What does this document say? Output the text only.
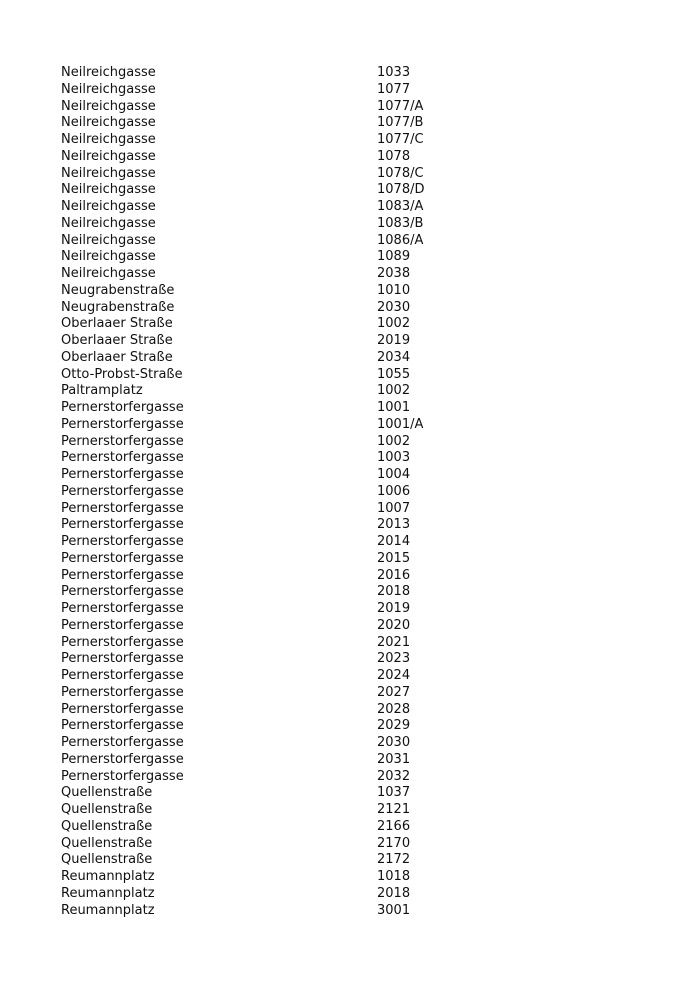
Neilreichgasse	1033
Neilreichgasse	1077
Neilreichgasse	1077/A
Neilreichgasse	1077/B
Neilreichgasse	1077/C
Neilreichgasse	1078
Neilreichgasse	1078/C
Neilreichgasse	1078/D
Neilreichgasse	1083/A
Neilreichgasse	1083/B
Neilreichgasse	1086/A
Neilreichgasse	1089
Neilreichgasse	2038
Neugrabenstraße	1010
Neugrabenstraße	2030
Oberlaaer Straße	1002
Oberlaaer Straße	2019
Oberlaaer Straße	2034
Otto-Probst-Straße	1055
Paltramplatz	1002
Pernerstorfergasse	1001
Pernerstorfergasse	1001/A
Pernerstorfergasse	1002
Pernerstorfergasse	1003
Pernerstorfergasse	1004
Pernerstorfergasse	1006
Pernerstorfergasse	1007
Pernerstorfergasse	2013
Pernerstorfergasse	2014
Pernerstorfergasse	2015
Pernerstorfergasse	2016
Pernerstorfergasse	2018
Pernerstorfergasse	2019
Pernerstorfergasse	2020
Pernerstorfergasse	2021
Pernerstorfergasse	2023
Pernerstorfergasse	2024
Pernerstorfergasse	2027
Pernerstorfergasse	2028
Pernerstorfergasse	2029
Pernerstorfergasse	2030
Pernerstorfergasse	2031
Pernerstorfergasse	2032
Quellenstraße	1037
Quellenstraße	2121
Quellenstraße	2166
Quellenstraße	2170
Quellenstraße	2172
Reumannplatz	1018
Reumannplatz	2018
Reumannplatz	3001
